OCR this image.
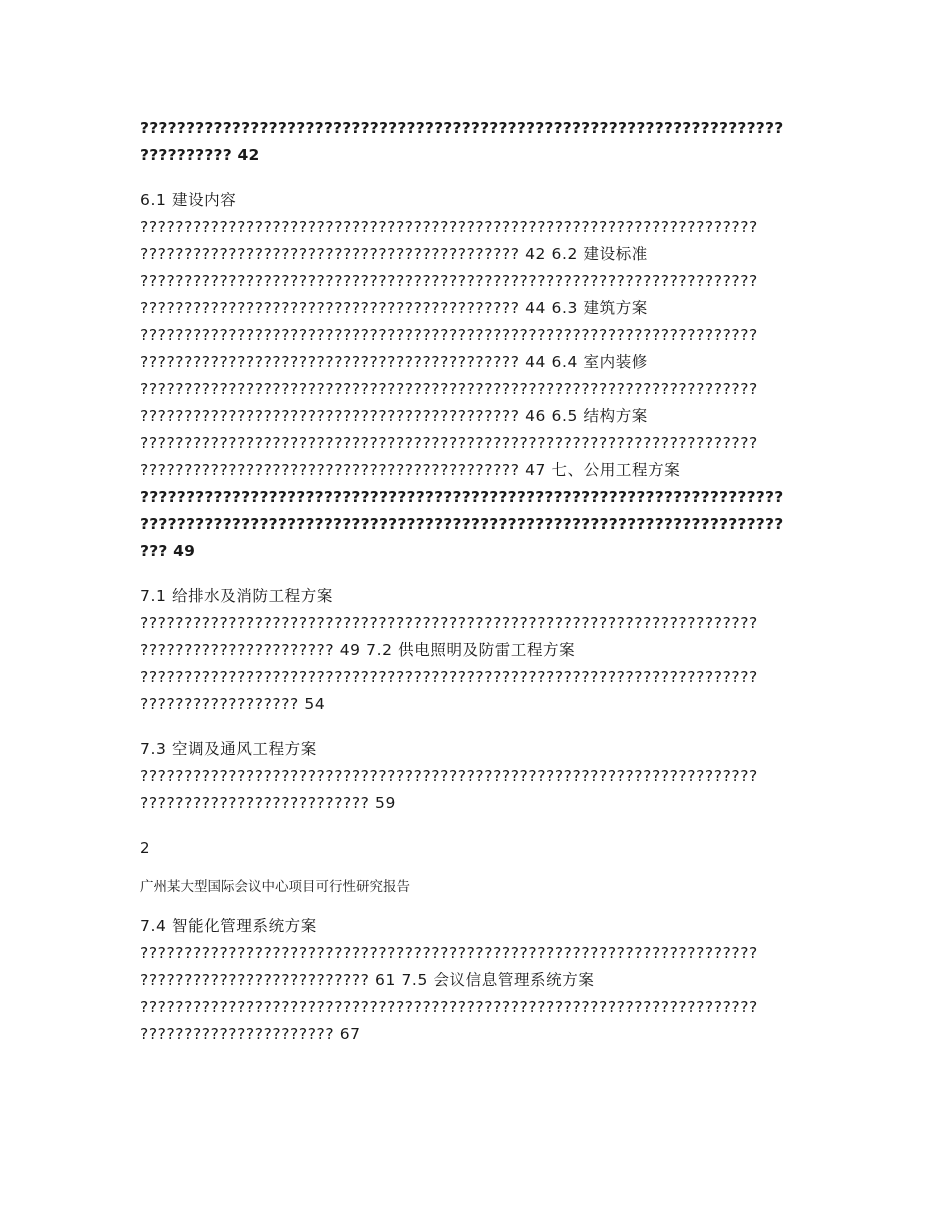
??????????????????????????????????????????????????????????????????????
?????????? 42
6.1 建设内容
??????????????????????????????????????????????????????????????????????
??????????????????????????????????????????? 42 6.2 建设标准
??????????????????????????????????????????????????????????????????????
??????????????????????????????????????????? 44 6.3 建筑方案
??????????????????????????????????????????????????????????????????????
??????????????????????????????????????????? 44 6.4 室内装修
??????????????????????????????????????????????????????????????????????
??????????????????????????????????????????? 46 6.5 结构方案
??????????????????????????????????????????????????????????????????????
??????????????????????????????????????????? 47 七、公用工程方案
??????????????????????????????????????????????????????????????????????
??????????????????????????????????????????????????????????????????????
??? 49
7.1 给排水及消防工程方案
??????????????????????????????????????????????????????????????????????
?????????????????????? 49 7.2 供电照明及防雷工程方案
??????????????????????????????????????????????????????????????????????
?????????????????? 54
7.3 空调及通风工程方案
??????????????????????????????????????????????????????????????????????
?????????????????????????? 59
2
广州某大型国际会议中心项目可行性研究报告
7.4 智能化管理系统方案
??????????????????????????????????????????????????????????????????????
?????????????????????????? 61 7.5 会议信息管理系统方案
??????????????????????????????????????????????????????????????????????
?????????????????????? 67
